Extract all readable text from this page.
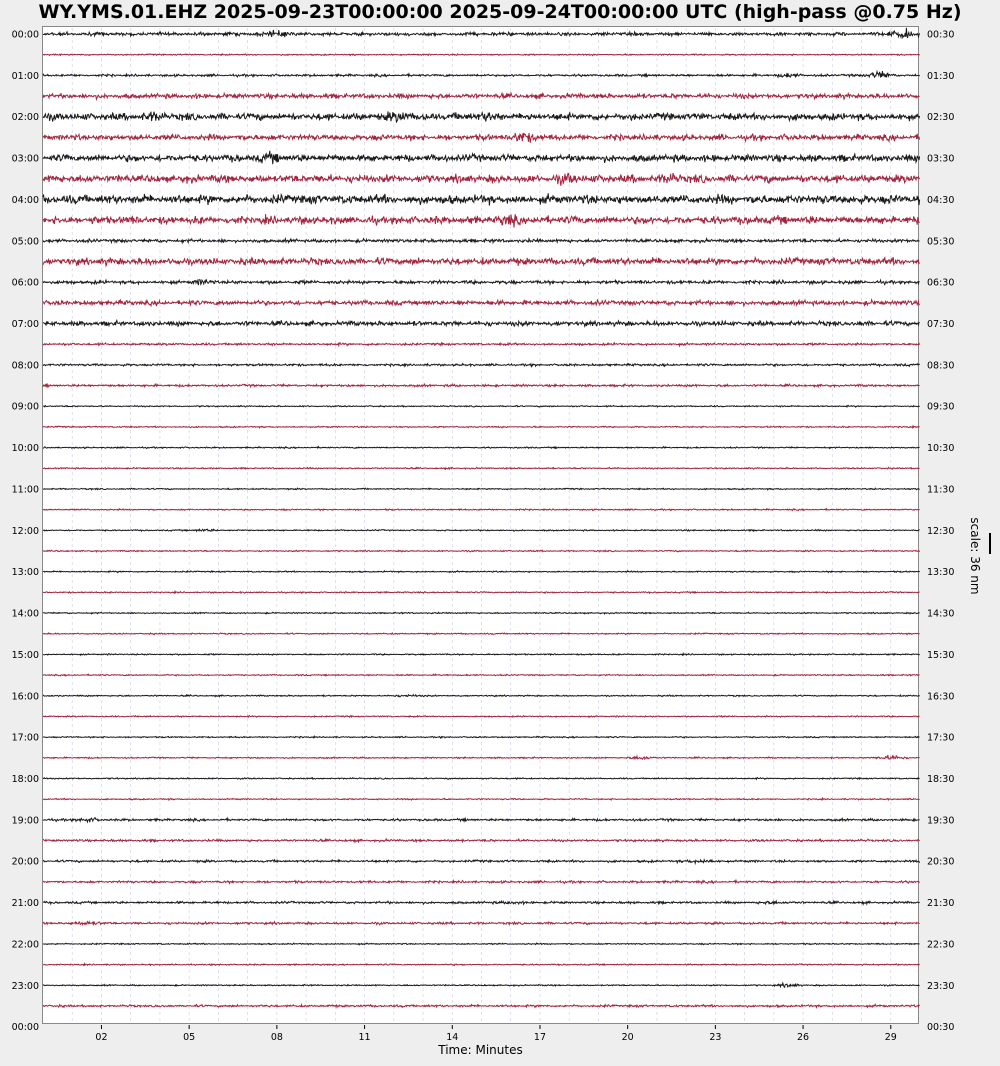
WY.YMS.01.EHZ 2025-09-23T00:00:00 2025-09-24T00:00:00 UTC (high-pass @0.75 Hz)
00:00	00:30
01:00	01:30
02:00	02:30
03:00	03:30
04:00	04:30
05:00	05:30
06:00	06:30
07:00	07:30
08:00	08:30
09:00	09:30
10:00	10:30
11:00	11:30
12:00	12:30
13:00	13:30
14:00	14:30
15:00	15:30
16:00	16:30
17:00	17:30
18:00	18:30
19:00	19:30
20:00	20:30
21:00	21:30
22:00	22:30
23:00	23:30
00:00	00:30
02	05	08	11	14	17	20	23	26	29
Time: Minutes
scale: 36 nm
